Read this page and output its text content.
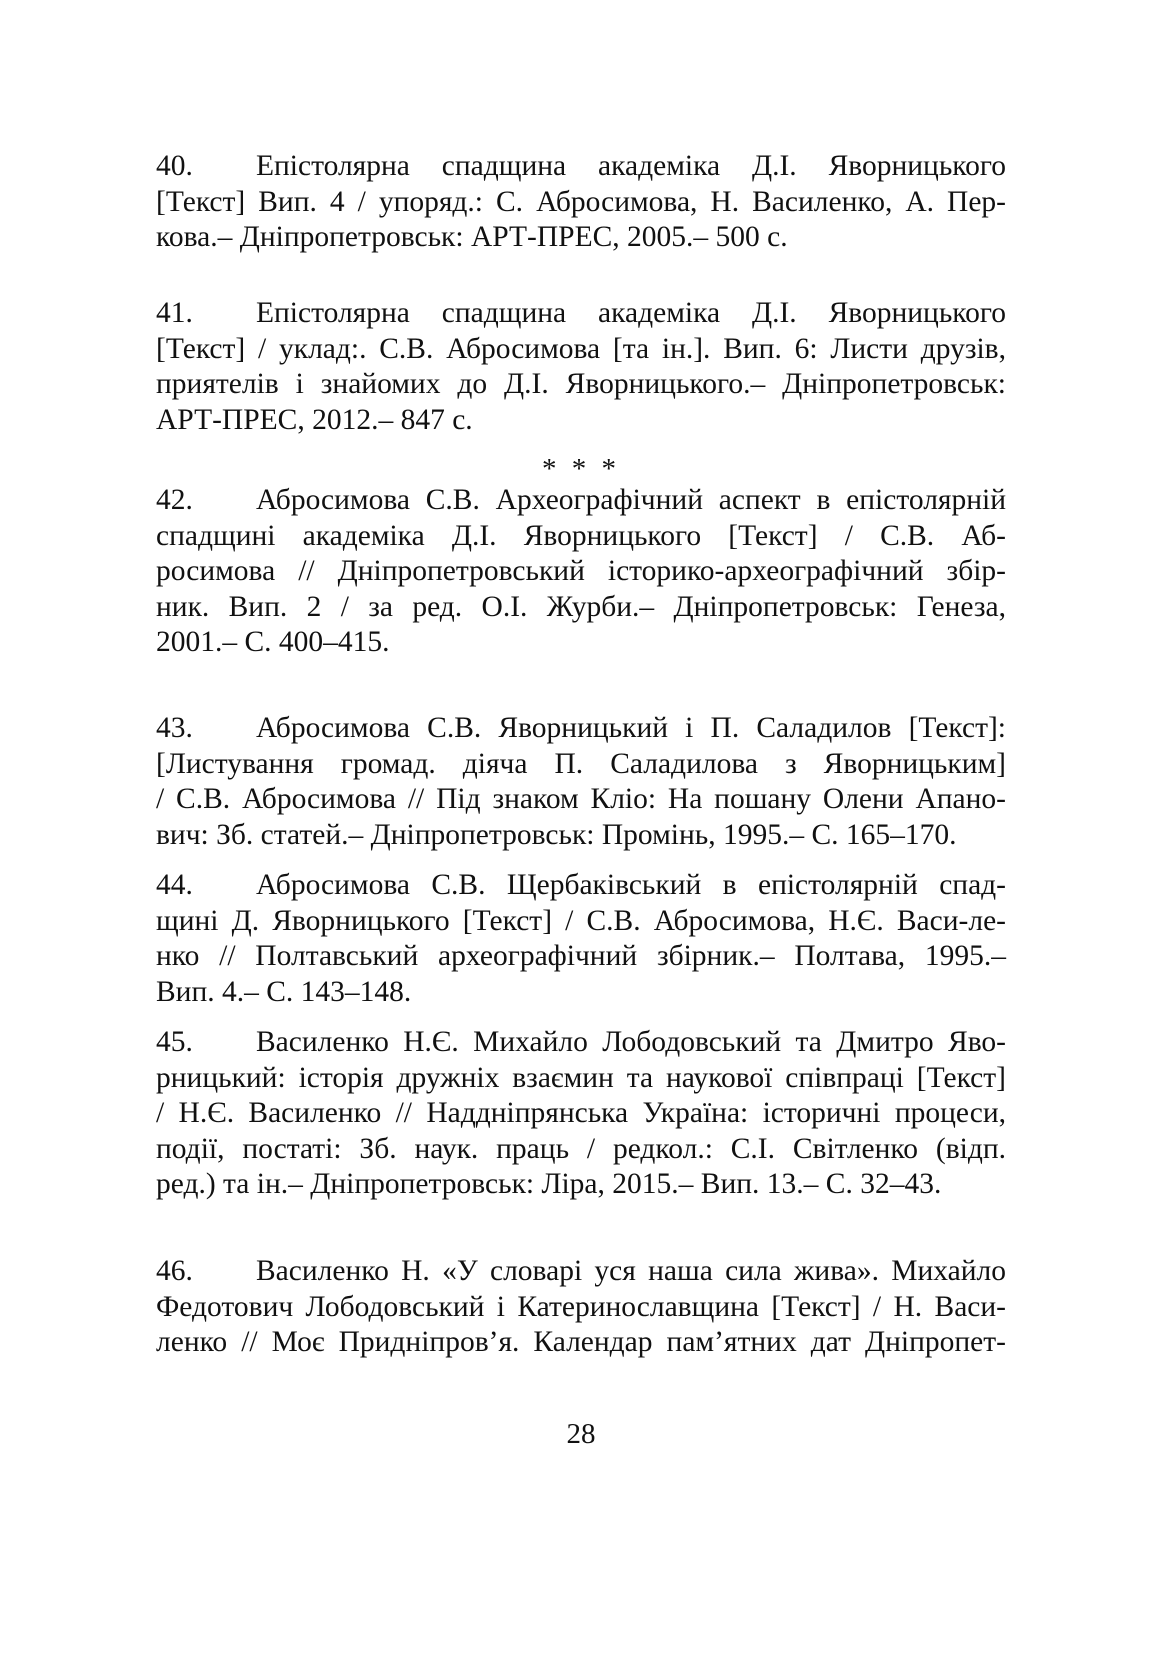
40. Епістолярна спадщина академіка Д.І. Яворницького
[Текст] Вип. 4 / упоряд.: С. Абросимова, Н. Василенко, А. Пер-
кова.– Дніпропетровськ: АРТ-ПРЕС, 2005.– 500 с.
41. Епістолярна спадщина академіка Д.І. Яворницького
[Текст] / уклад:. С.В. Абросимова [та ін.]. Вип. 6: Листи друзів,
приятелів і знайомих до Д.І. Яворницького.– Дніпропетровськ:
АРТ-ПРЕС, 2012.– 847 с.
* * *
42. Абросимова С.В. Археографічний аспект в епістолярній
спадщині академіка Д.І. Яворницького [Текст] / С.В. Аб-
росимова // Дніпропетровський історико-археографічний збір-
ник. Вип. 2 / за ред. О.І. Журби.– Дніпропетровськ: Генеза,
2001.– С. 400–415.
43. Абросимова С.В. Яворницький і П. Саладилов [Текст]:
[Листування громад. діяча П. Саладилова з Яворницьким]
/ С.В. Абросимова // Під знаком Кліо: На пошану Олени Апано-
вич: Зб. статей.– Дніпропетровськ: Промінь, 1995.– С. 165–170.
44. Абросимова С.В. Щербаківський в епістолярній спад-
щині Д. Яворницького [Текст] / С.В. Абросимова, Н.Є. Васи-ле-
нко // Полтавський археографічний збірник.– Полтава, 1995.–
Вип. 4.– С. 143–148.
45. Василенко Н.Є. Михайло Лободовський та Дмитро Яво-
рницький: історія дружніх взаємин та наукової співпраці [Текст]
/ Н.Є. Василенко // Наддніпрянська Україна: історичні процеси,
події, постаті: Зб. наук. праць / редкол.: С.І. Світленко (відп.
ред.) та ін.– Дніпропетровськ: Ліра, 2015.– Вип. 13.– С. 32–43.
46. Василенко Н. «У словарі уся наша сила жива». Михайло
Федотович Лободовський і Катеринославщина [Текст] / Н. Васи-
ленко // Моє Придніпров’я. Календар пам’ятних дат Дніпропет-
28
